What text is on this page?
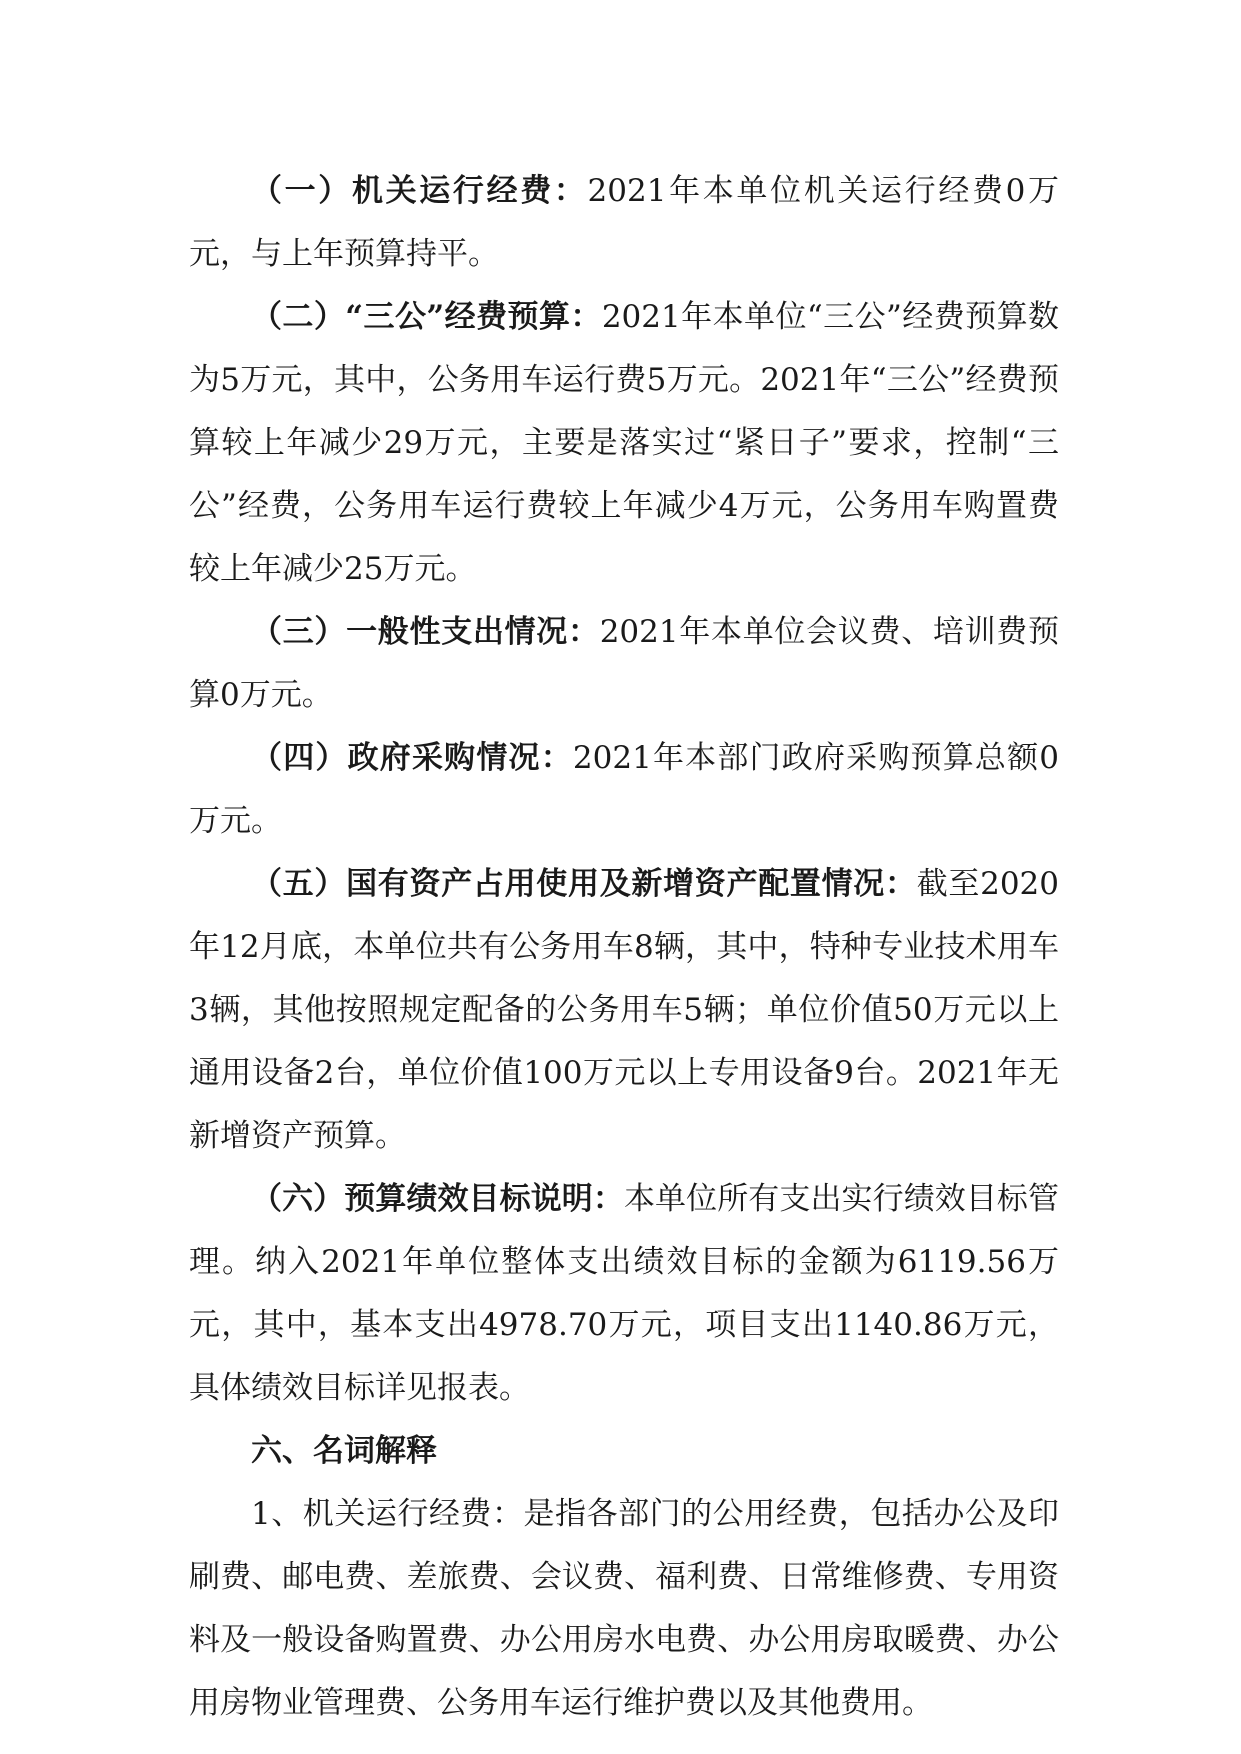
（一）机关运行经费：2021年本单位机关运行经费0万元，与上年预算持平。

（二）“三公”经费预算：2021年本单位“三公”经费预算数为5万元，其中，公务用车运行费5万元。2021年“三公”经费预算较上年减少29万元，主要是落实过“紧日子”要求，控制“三公”经费，公务用车运行费较上年减少4万元，公务用车购置费较上年减少25万元。

（三）一般性支出情况：2021年本单位会议费、培训费预算0万元。

（四）政府采购情况：2021年本部门政府采购预算总额0万元。

（五）国有资产占用使用及新增资产配置情况：截至2020年12月底，本单位共有公务用车8辆，其中，特种专业技术用车3辆，其他按照规定配备的公务用车5辆；单位价值50万元以上通用设备2台，单位价值100万元以上专用设备9台。2021年无新增资产预算。

（六）预算绩效目标说明：本单位所有支出实行绩效目标管理。纳入2021年单位整体支出绩效目标的金额为6119.56万元，其中，基本支出4978.70万元，项目支出1140.86万元，具体绩效目标详见报表。

六、名词解释

1、机关运行经费：是指各部门的公用经费，包括办公及印刷费、邮电费、差旅费、会议费、福利费、日常维修费、专用资料及一般设备购置费、办公用房水电费、办公用房取暖费、办公用房物业管理费、公务用车运行维护费以及其他费用。
